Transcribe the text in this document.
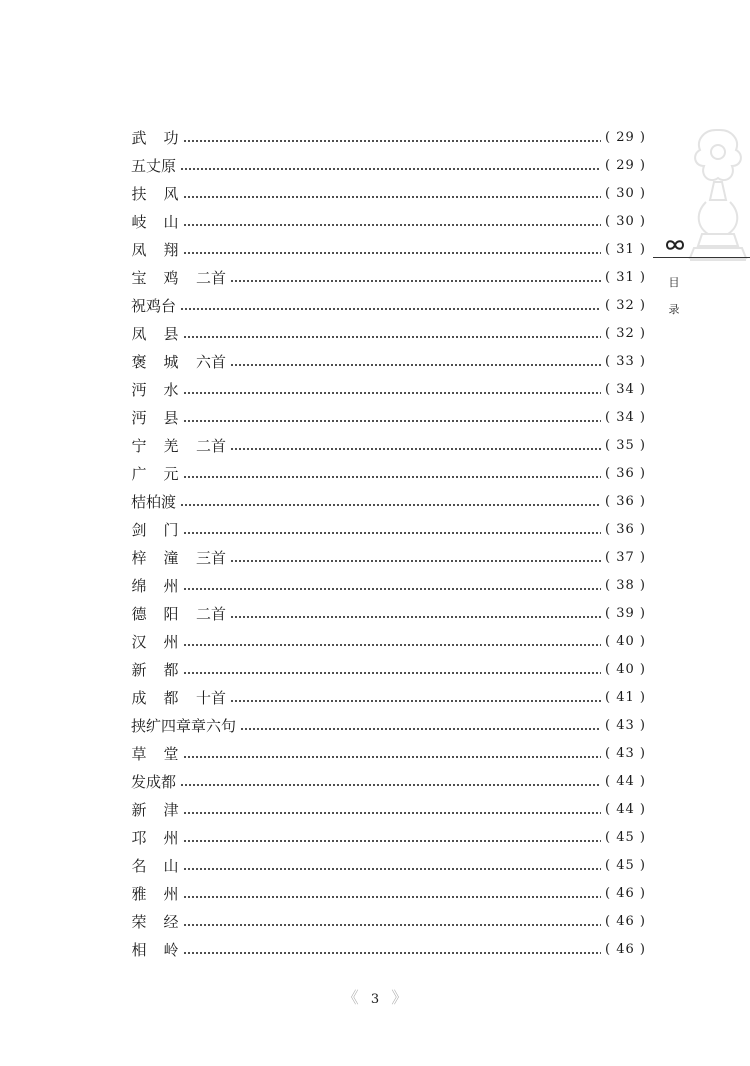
武 功	( 29 )
五丈原	( 29 )
扶 风	( 30 )
岐 山	( 30 )
凤 翔	( 31 )
宝 鸡 二首	( 31 )
祝鸡台	( 32 )
凤 县	( 32 )
褒 城 六首	( 33 )
沔 水	( 34 )
沔 县	( 34 )
宁 羌 二首	( 35 )
广 元	( 36 )
桔柏渡	( 36 )
剑 门	( 36 )
梓 潼 三首	( 37 )
绵 州	( 38 )
德 阳 二首	( 39 )
汉 州	( 40 )
新 都	( 40 )
成 都 十首	( 41 )
挟纩四章章六句	( 43 )
草 堂	( 43 )
发成都	( 44 )
新 津	( 44 )
邛 州	( 45 )
名 山	( 45 )
雅 州	( 46 )
荣 经	( 46 )
相 岭	( 46 )
目
录
《 3 》
